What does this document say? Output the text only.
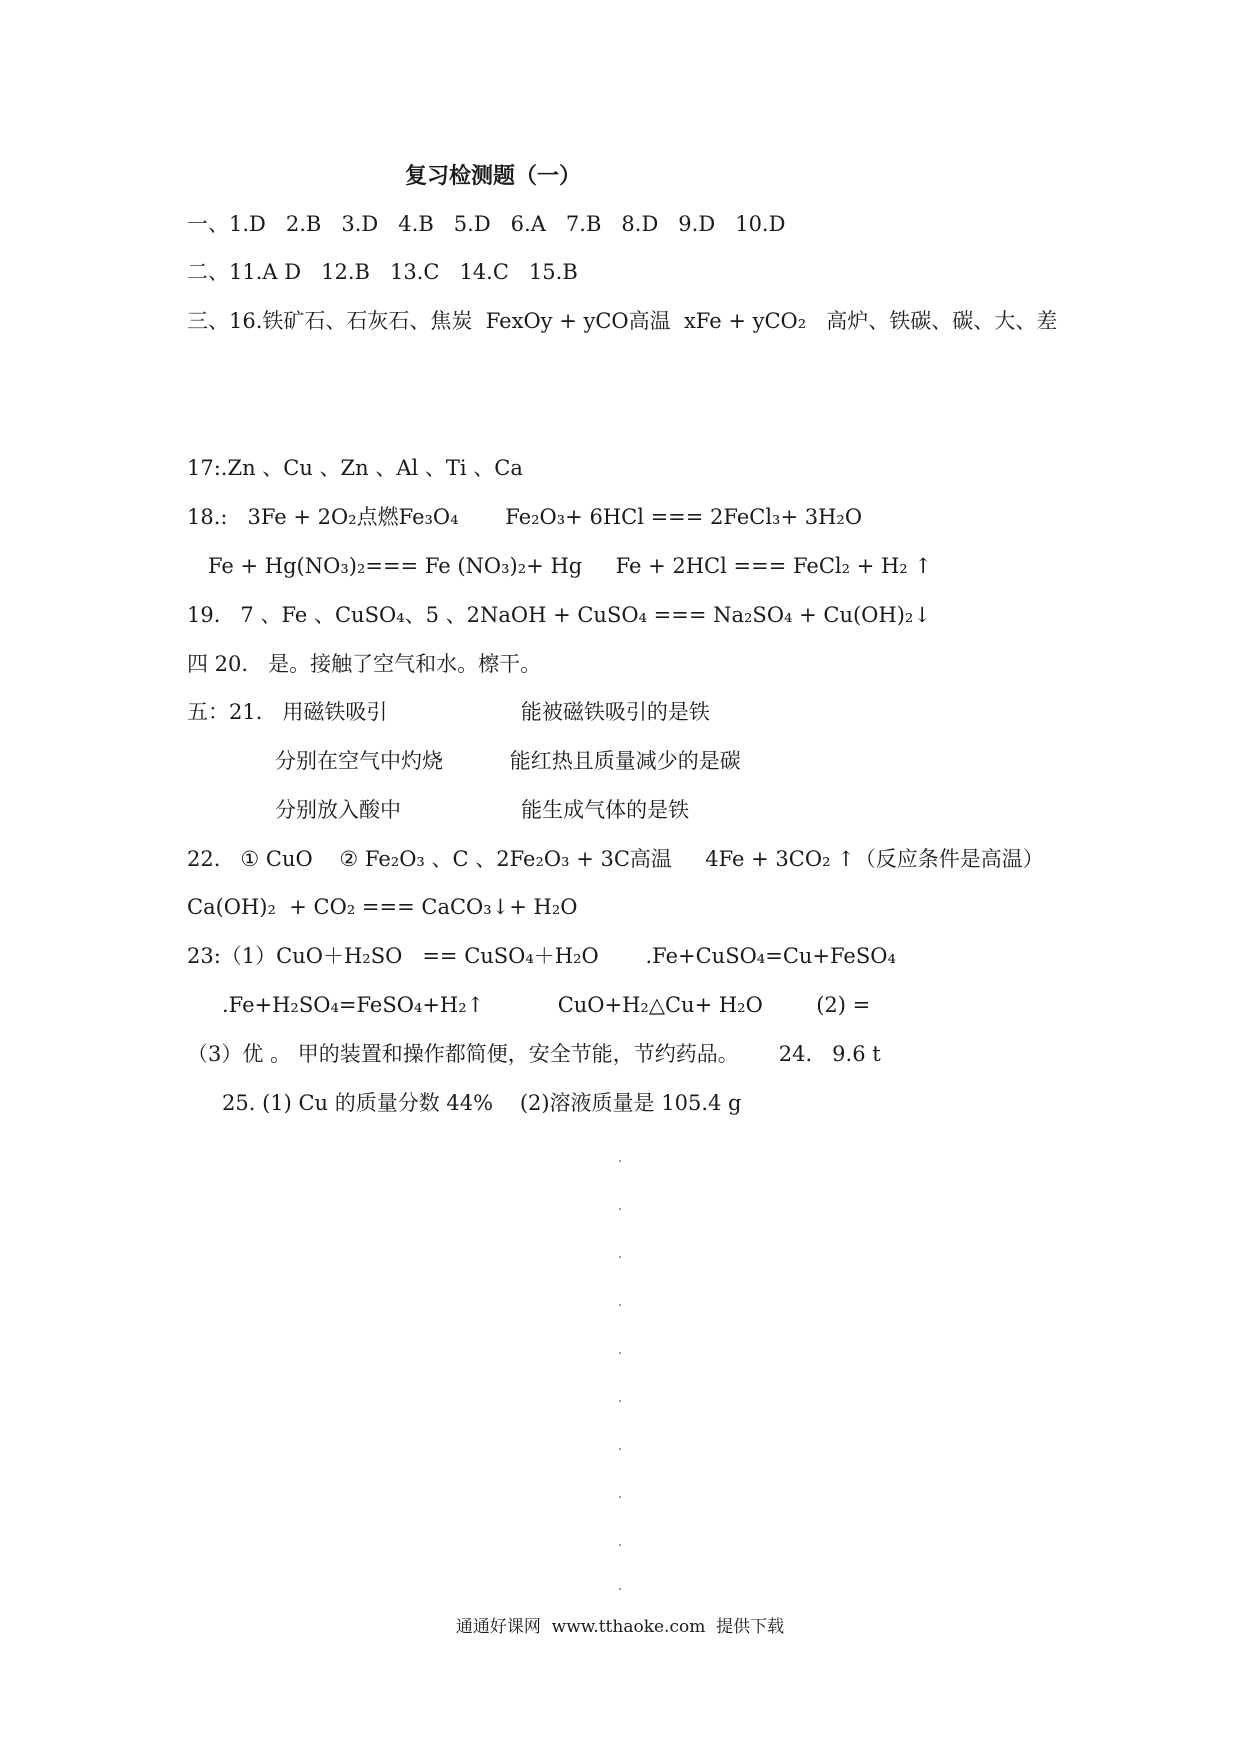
复习检测题（一）
一、1.D   2.B   3.D   4.B   5.D   6.A   7.B   8.D   9.D   10.D
二、11.A D   12.B   13.C   14.C   15.B
三、16.铁矿石、石灰石、焦炭  FexOy + yCO高温  xFe + yCO₂   高炉、铁碳、碳、大、差
17:.Zn 、Cu 、Zn 、Al 、Ti 、Ca
18.:   3Fe + 2O₂点燃Fe₃O₄       Fe₂O₃+ 6HCl === 2FeCl₃+ 3H₂O
Fe + Hg(NO₃)₂=== Fe (NO₃)₂+ Hg     Fe + 2HCl === FeCl₂ + H₂ ↑
19.   7 、Fe 、CuSO₄、5 、2NaOH + CuSO₄ === Na₂SO₄ + Cu(OH)₂↓
四 20.   是。接触了空气和水。檫干。
五：21.   用磁铁吸引                    能被磁铁吸引的是铁
分别在空气中灼烧          能红热且质量减少的是碳
分别放入酸中                  能生成气体的是铁
22.   ① CuO    ② Fe₂O₃ 、C 、2Fe₂O₃ + 3C高温     4Fe + 3CO₂ ↑（反应条件是高温）
Ca(OH)₂  + CO₂ === CaCO₃↓+ H₂O
23:（1）CuO＋H₂SO   == CuSO₄＋H₂O       .Fe+CuSO₄=Cu+FeSO₄
.Fe+H₂SO₄=FeSO₄+H₂↑           CuO+H₂△Cu+ H₂O        (2) =
（3）优 。 甲的装置和操作都简便，安全节能，节约药品。      24.   9.6 t
25. (1) Cu 的质量分数 44%    (2)溶液质量是 105.4 g
通通好课网  www.tthaoke.com  提供下载
